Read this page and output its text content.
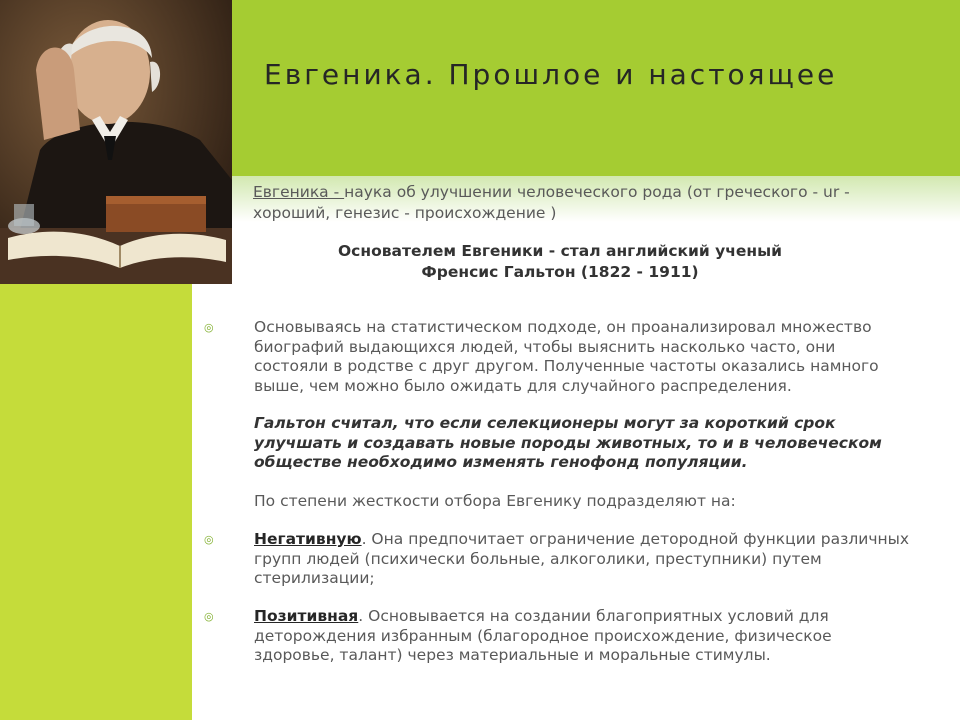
Евгеника. Прошлое и настоящее
Евгеника - наука об улучшении человеческого рода (от греческого - ur - хороший, генезис - происхождение )
Основателем Евгеники - стал английский ученый
Френсис Гальтон (1822 - 1911)
◎	Основываясь на статистическом подходе, он проанализировал множество биографий выдающихся людей, чтобы выяснить насколько часто, они состояли в родстве с друг другом. Полученные частоты оказались намного выше, чем можно было ожидать для случайного распределения.
Гальтон считал, что если селекционеры могут за короткий срок улучшать и создавать новые породы животных, то и в человеческом обществе необходимо изменять генофонд популяции.
По степени жесткости отбора Евгенику подразделяют на:
◎	Негативную. Она предпочитает ограничение детородной функции различных групп людей (психически больные, алкоголики, преступники) путем стерилизации;
◎	Позитивная. Основывается на создании благоприятных условий для деторождения избранным (благородное происхождение, физическое здоровье, талант) через материальные и моральные стимулы.
